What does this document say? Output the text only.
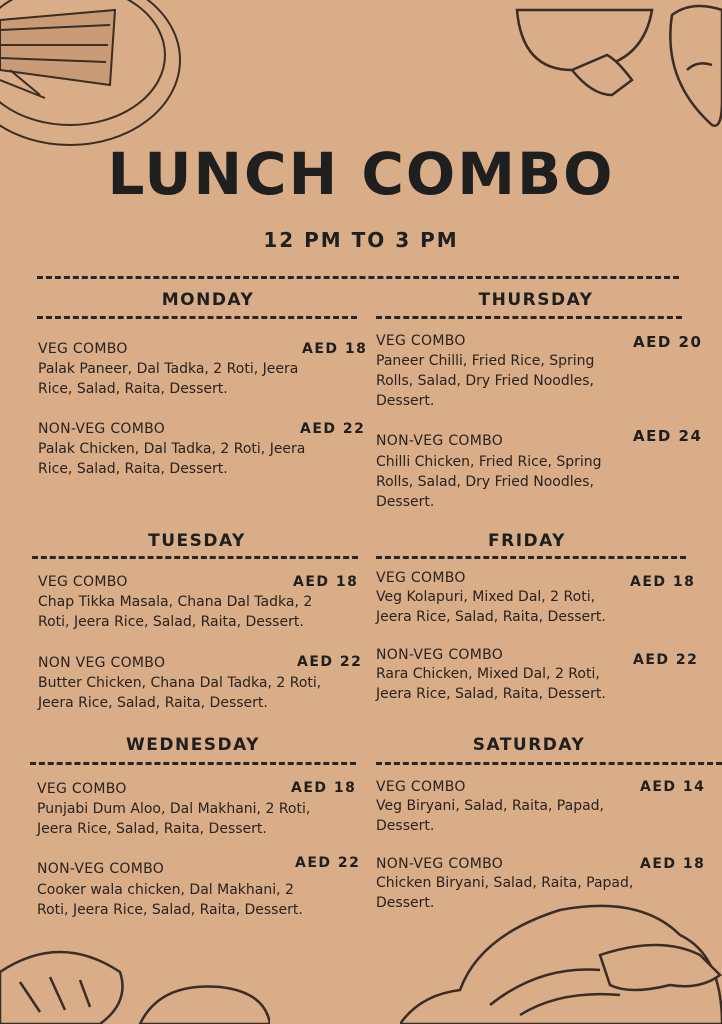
LUNCH COMBO
12 PM TO 3 PM
MONDAY
VEG COMBO	AED 18
Palak Paneer, Dal Tadka, 2 Roti, Jeera Rice, Salad, Raita, Dessert.
NON-VEG COMBO	AED 22
Palak Chicken, Dal Tadka, 2 Roti, Jeera Rice, Salad, Raita, Dessert.
THURSDAY
VEG COMBO	AED 20
Paneer Chilli, Fried Rice, Spring Rolls, Salad, Dry Fried Noodles, Dessert.
NON-VEG COMBO	AED 24
Chilli Chicken, Fried Rice, Spring Rolls, Salad, Dry Fried Noodles, Dessert.
TUESDAY
VEG COMBO	AED 18
Chap Tikka Masala, Chana Dal Tadka, 2 Roti, Jeera Rice, Salad, Raita, Dessert.
NON VEG COMBO	AED 22
Butter Chicken, Chana Dal Tadka, 2 Roti, Jeera Rice, Salad, Raita, Dessert.
FRIDAY
VEG COMBO	AED 18
Veg Kolapuri, Mixed Dal, 2 Roti, Jeera Rice, Salad, Raita, Dessert.
NON-VEG COMBO	AED 22
Rara Chicken, Mixed Dal, 2 Roti, Jeera Rice, Salad, Raita, Dessert.
WEDNESDAY
VEG COMBO	AED 18
Punjabi Dum Aloo, Dal Makhani, 2 Roti, Jeera Rice, Salad, Raita, Dessert.
NON-VEG COMBO	AED 22
Cooker wala chicken, Dal Makhani, 2 Roti, Jeera Rice, Salad, Raita, Dessert.
SATURDAY
VEG COMBO	AED 14
Veg Biryani, Salad, Raita, Papad, Dessert.
NON-VEG COMBO	AED 18
Chicken Biryani, Salad, Raita, Papad, Dessert.
